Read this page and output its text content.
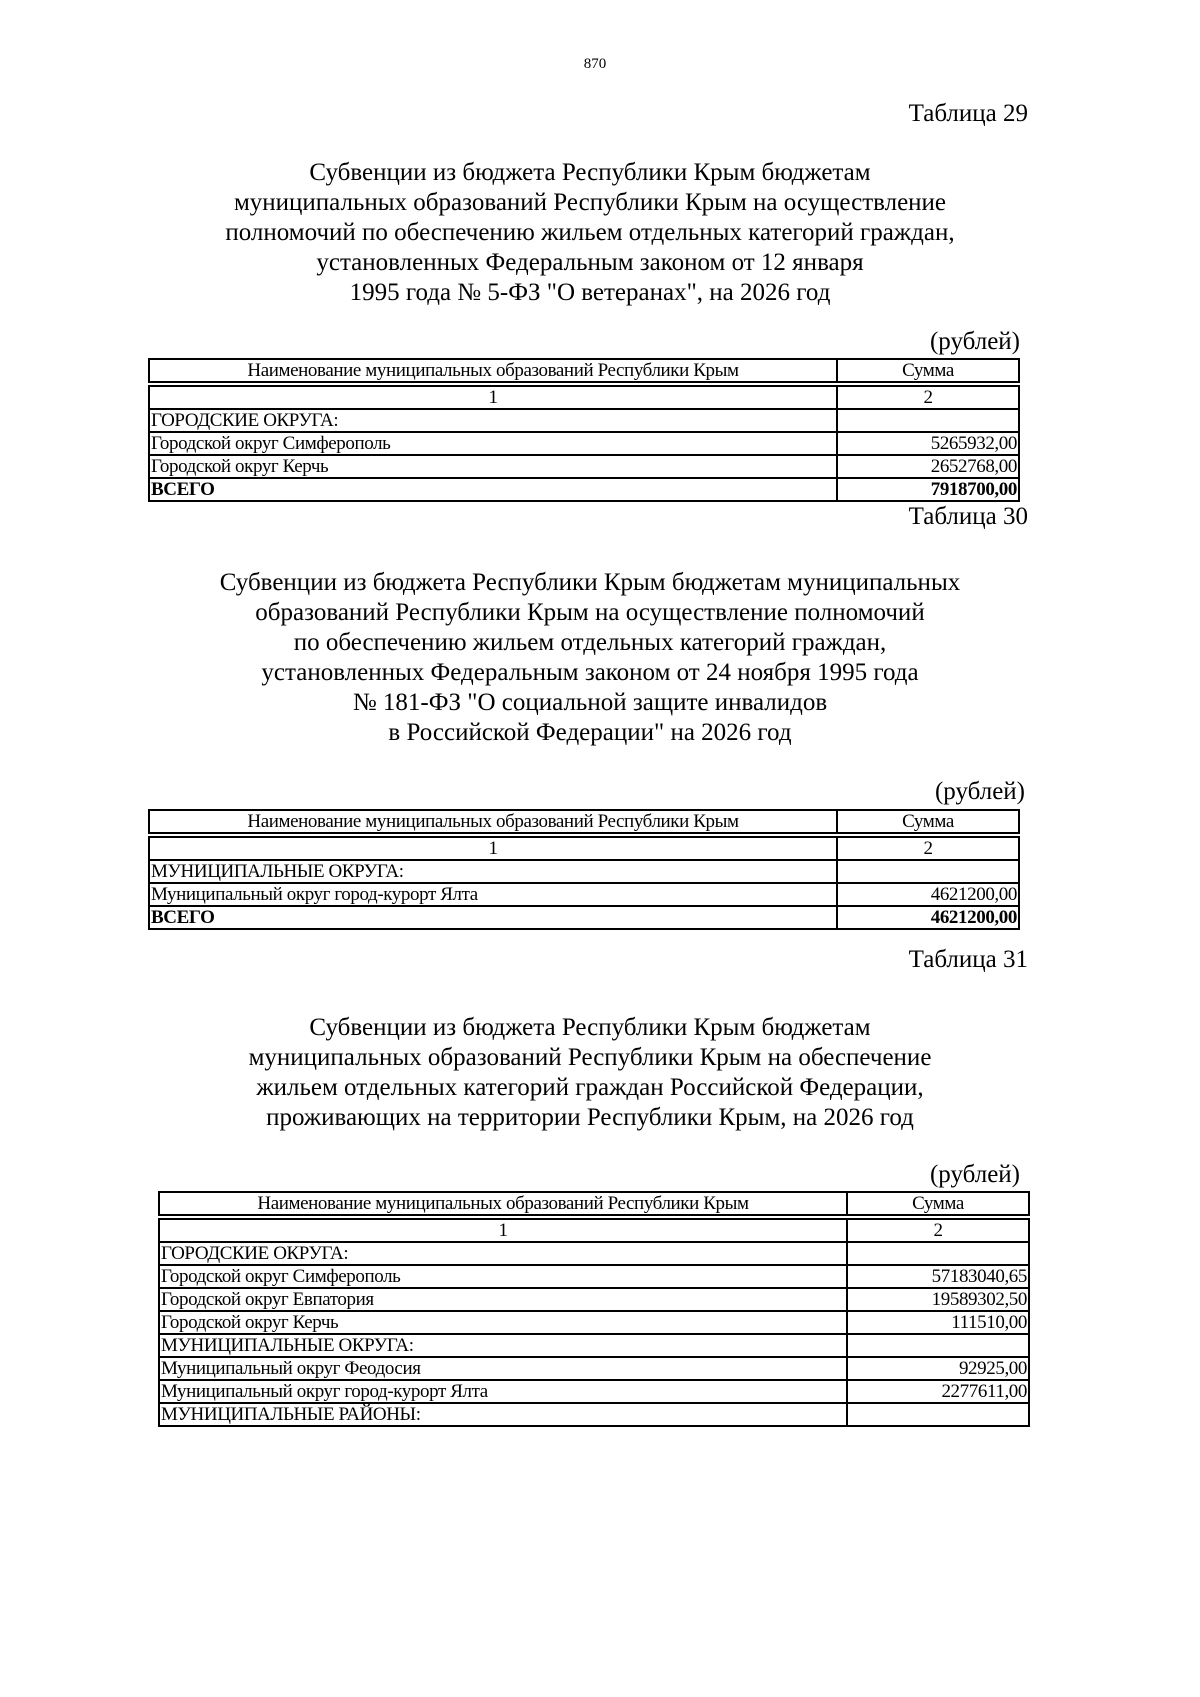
870
Таблица 29
Субвенции из бюджета Республики Крым бюджетам
муниципальных образований Республики Крым на осуществление
полномочий по обеспечению жильем отдельных категорий граждан,
установленных Федеральным законом от 12 января
1995 года № 5-ФЗ "О ветеранах", на 2026 год
(рублей)
Наименование муниципальных образований Республики Крым	Сумма
1	2
ГОРОДСКИЕ ОКРУГА:	
Городской округ Симферополь	5265932,00
Городской округ Керчь	2652768,00
ВСЕГО	7918700,00
Таблица 30
Субвенции из бюджета Республики Крым бюджетам муниципальных
образований Республики Крым на осуществление полномочий
по обеспечению жильем отдельных категорий граждан,
установленных Федеральным законом от 24 ноября 1995 года
№ 181-ФЗ "О социальной защите инвалидов
в Российской Федерации" на 2026 год
(рублей)
Наименование муниципальных образований Республики Крым	Сумма
1	2
МУНИЦИПАЛЬНЫЕ ОКРУГА:	
Муниципальный округ город-курорт Ялта	4621200,00
ВСЕГО	4621200,00
Таблица 31
Субвенции из бюджета Республики Крым бюджетам
муниципальных образований Республики Крым на обеспечение
жильем отдельных категорий граждан Российской Федерации,
проживающих на территории Республики Крым, на 2026 год
(рублей)
Наименование муниципальных образований Республики Крым	Сумма
1	2
ГОРОДСКИЕ ОКРУГА:	
Городской округ Симферополь	57183040,65
Городской округ Евпатория	19589302,50
Городской округ Керчь	111510,00
МУНИЦИПАЛЬНЫЕ ОКРУГА:	
Муниципальный округ Феодосия	92925,00
Муниципальный округ город-курорт Ялта	2277611,00
МУНИЦИПАЛЬНЫЕ РАЙОНЫ:	
